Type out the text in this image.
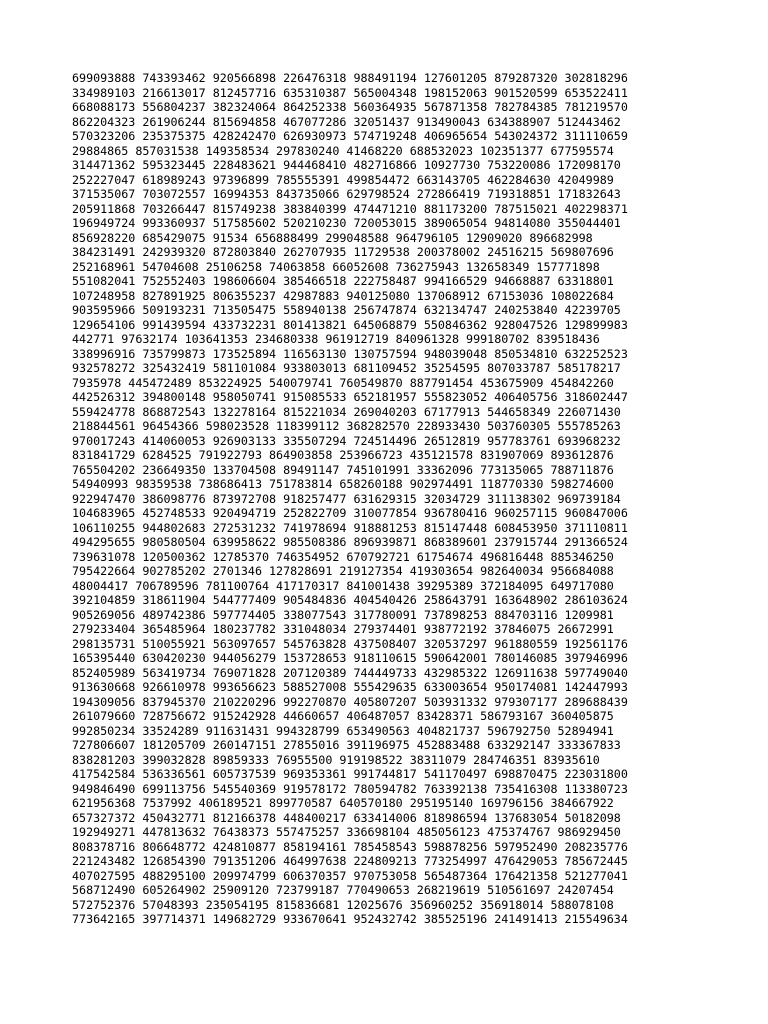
699093888 743393462 920566898 226476318 988491194 127601205 879287320 302818296
334989103 216613017 812457716 635310387 565004348 198152063 901520599 653522411
668088173 556804237 382324064 864252338 560364935 567871358 782784385 781219570
862204323 261906244 815694858 467077286 32051437 913490043 634388907 512443462
570323206 235375375 428242470 626930973 574719248 406965654 543024372 311110659
29884865 857031538 149358534 297830240 41468220 688532023 102351377 677595574
314471362 595323445 228483621 944468410 482716866 10927730 753220086 172098170
252227047 618989243 97396899 785555391 499854472 663143705 462284630 42049989
371535067 703072557 16994353 843735066 629798524 272866419 719318851 171832643
205911868 703266447 815749238 383840399 474471210 881173200 787515021 402298371
196949724 993360937 517585602 520210230 720053015 389065054 94814080 355044401
856928220 685429075 91534 656888499 299048588 964796105 12909020 896682998
384231491 242939320 872803840 262707935 11729538 200378002 24516215 569807696
252168961 54704608 25106258 74063858 66052608 736275943 132658349 157771898
551082041 752552403 198606604 385466518 222758487 994166529 94668887 63318801
107248958 827891925 806355237 42987883 940125080 137068912 67153036 108022684
903595966 509193231 713505475 558940138 256747874 632134747 240253840 42239705
129654106 991439594 433732231 801413821 645068879 550846362 928047526 129899983
442771 97632174 103641353 234680338 961912719 840961328 999180702 839518436
338996916 735799873 173525894 116563130 130757594 948039048 850534810 632252523
932578272 325432419 581101084 933803013 681109452 35254595 807033787 585178217
7935978 445472489 853224925 540079741 760549870 887791454 453675909 454842260
442526312 394800148 958050741 915085533 652181957 555823052 406405756 318602447
559424778 868872543 132278164 815221034 269040203 67177913 544658349 226071430
218844561 96454366 598023528 118399112 368282570 228933430 503760305 555785263
970017243 414060053 926903133 335507294 724514496 26512819 957783761 693968232
831841729 6284525 791922793 864903858 253966723 435121578 831907069 893612876
765504202 236649350 133704508 89491147 745101991 33362096 773135065 788711876
54940993 98359538 738686413 751783814 658260188 902974491 118770330 598274600
922947470 386098776 873972708 918257477 631629315 32034729 311138302 969739184
104683965 452748533 920494719 252822709 310077854 936780416 960257115 960847006
106110255 944802683 272531232 741978694 918881253 815147448 608453950 371110811
494295655 980580504 639958622 985508386 896939871 868389601 237915744 291366524
739631078 120500362 12785370 746354952 670792721 61754674 496816448 885346250
795422664 902785202 2701346 127828691 219127354 419303654 982640034 956684088
48004417 706789596 781100764 417170317 841001438 39295389 372184095 649717080
392104859 318611904 544777409 905484836 404540426 258643791 163648902 286103624
905269056 489742386 597774405 338077543 317780091 737898253 884703116 1209981
279233404 365485964 180237782 331048034 279374401 938772192 37846075 26672991
298135731 510055921 563097657 545763828 437508407 320537297 961880559 192561176
165395440 630420230 944056279 153728653 918110615 590642001 780146085 397946996
852405989 563419734 769071828 207120389 744449733 432985322 126911638 597749040
913630668 926610978 993656623 588527008 555429635 633003654 950174081 142447993
194309056 837945370 210220296 992270870 405807207 503931332 979307177 289688439
261079660 728756672 915242928 44660657 406487057 83428371 586793167 360405875
992850234 33524289 911631431 994328799 653490563 404821737 596792750 52894941
727806607 181205709 260147151 27855016 391196975 452883488 633292147 333367833
838281203 399032828 89859333 76955500 919198522 38311079 284746351 83935610
417542584 536336561 605737539 969353361 991744817 541170497 698870475 223031800
949846490 699113756 545540369 919578172 780594782 763392138 735416308 113380723
621956368 7537992 406189521 899770587 640570180 295195140 169796156 384667922
657327372 450432771 812166378 448400217 633414006 818986594 137683054 50182098
192949271 447813632 76438373 557475257 336698104 485056123 475374767 986929450
808378716 806648772 424810877 858194161 785458543 598878256 597952490 208235776
221243482 126854390 791351206 464997638 224809213 773254997 476429053 785672445
407027595 488295100 209974799 606370357 970753058 565487364 176421358 521277041
568712490 605264902 25909120 723799187 770490653 268219619 510561697 24207454
572752376 57048393 235054195 815836681 12025676 356960252 356918014 588078108
773642165 397714371 149682729 933670641 952432742 385525196 241491413 215549634
